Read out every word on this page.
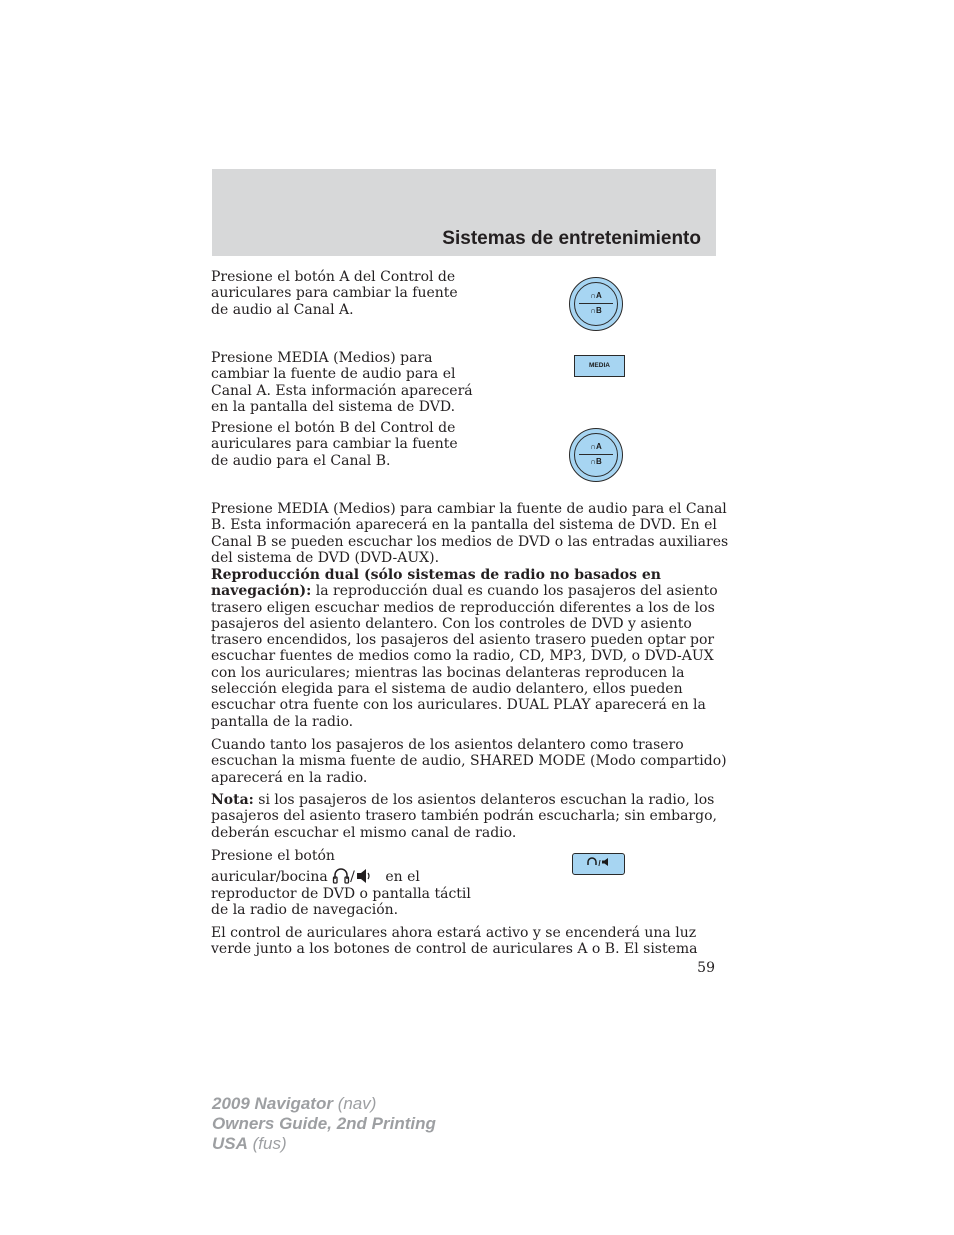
Sistemas de entretenimiento
Presione el botón A del Control de
auriculares para cambiar la fuente
de audio al Canal A.
∩A
∩B
Presione MEDIA (Medios) para
cambiar la fuente de audio para el
Canal A. Esta información aparecerá
en la pantalla del sistema de DVD.
MEDIA
Presione el botón B del Control de
auriculares para cambiar la fuente
de audio para el Canal B.
∩A
∩B
Presione MEDIA (Medios) para cambiar la fuente de audio para el Canal
B. Esta información aparecerá en la pantalla del sistema de DVD. En el
Canal B se pueden escuchar los medios de DVD o las entradas auxiliares
del sistema de DVD (DVD-AUX).
Reproducción dual (sólo sistemas de radio no basados en
navegación): la reproducción dual es cuando los pasajeros del asiento
trasero eligen escuchar medios de reproducción diferentes a los de los
pasajeros del asiento delantero. Con los controles de DVD y asiento
trasero encendidos, los pasajeros del asiento trasero pueden optar por
escuchar fuentes de medios como la radio, CD, MP3, DVD, o DVD-AUX
con los auriculares; mientras las bocinas delanteras reproducen la
selección elegida para el sistema de audio delantero, ellos pueden
escuchar otra fuente con los auriculares. DUAL PLAY aparecerá en la
pantalla de la radio.
Cuando tanto los pasajeros de los asientos delantero como trasero
escuchan la misma fuente de audio, SHARED MODE (Modo compartido)
aparecerá en la radio.
Nota: si los pasajeros de los asientos delanteros escuchan la radio, los
pasajeros del asiento trasero también podrán escucharla; sin embargo,
deberán escuchar el mismo canal de radio.
Presione el botón
auricular/bocina / en el
reproductor de DVD o pantalla táctil
de la radio de navegación.
/
El control de auriculares ahora estará activo y se encenderá una luz
verde junto a los botones de control de auriculares A o B. El sistema
59
2009 Navigator (nav)
Owners Guide, 2nd Printing
USA (fus)
